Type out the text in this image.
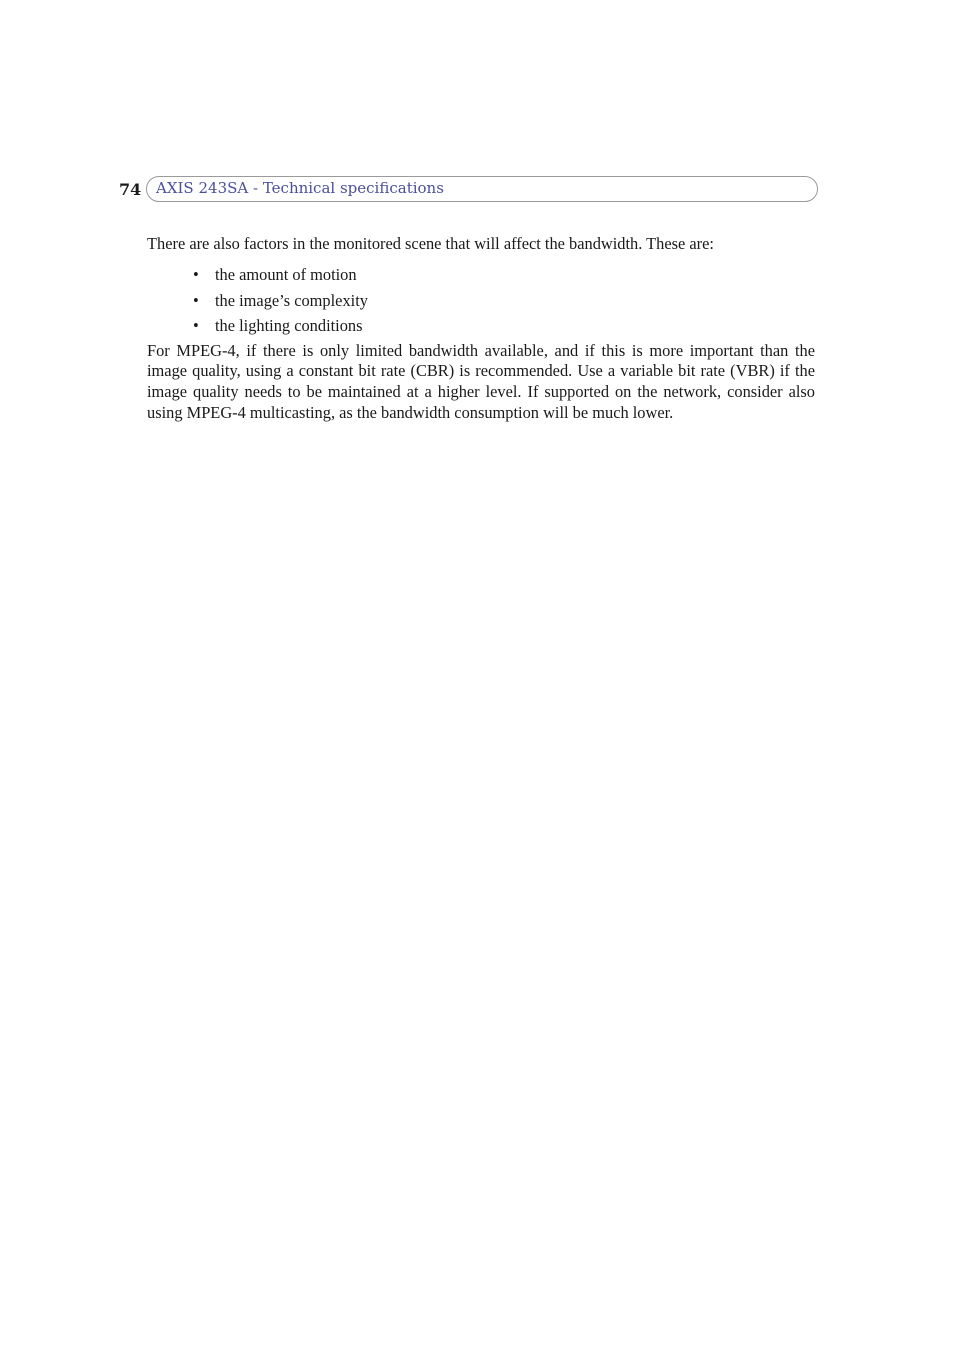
74 AXIS 243SA - Technical specifications

There are also factors in the monitored scene that will affect the bandwidth. These are:

• the amount of motion
• the image’s complexity
• the lighting conditions

For MPEG-4, if there is only limited bandwidth available, and if this is more important than the image quality, using a constant bit rate (CBR) is recommended. Use a variable bit rate (VBR) if the image quality needs to be maintained at a higher level. If supported on the network, consider also using MPEG-4 multicasting, as the bandwidth consumption will be much lower.
